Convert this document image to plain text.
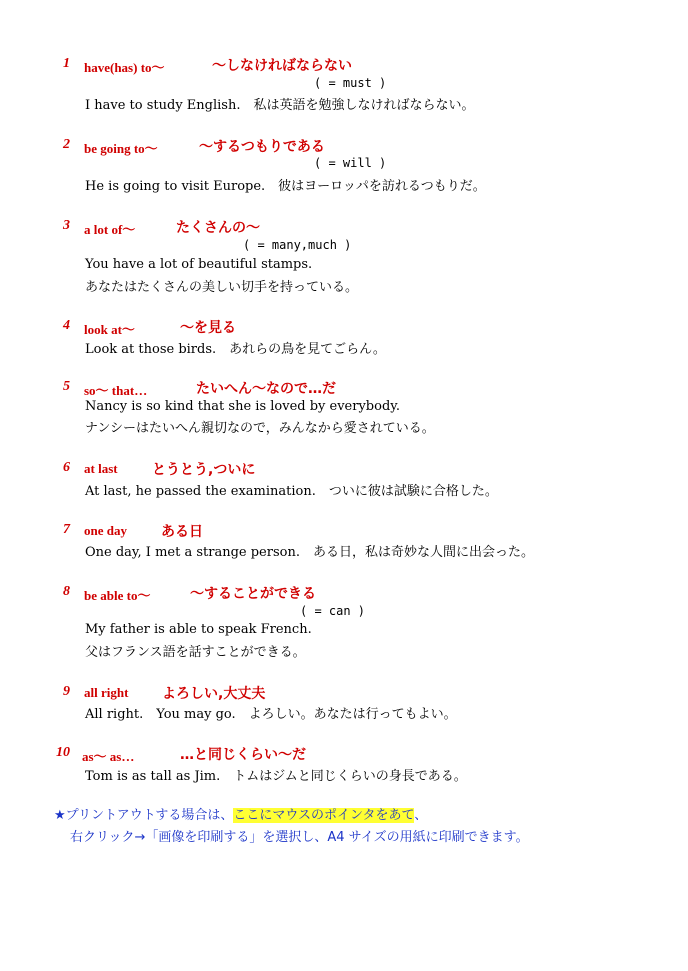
1 have(has) to～	～しなければならない
( = must )
I have to study English.　私は英語を勉強しなければならない。
2 be going to～	～するつもりである
( = will )
He is going to visit Europe.　彼はヨーロッパを訪れるつもりだ。
3 a lot of～	たくさんの～
( = many,much )
You have a lot of beautiful stamps.
あなたはたくさんの美しい切手を持っている。
4 look at～	～を見る
Look at those birds.　あれらの鳥を見てごらん。
5 so～ that…	たいへん～なので…だ
Nancy is so kind that she is loved by everybody.
ナンシーはたいへん親切なので，みんなから愛されている。
6 at last とうとう,ついに
At last, he passed the examination.　ついに彼は試験に合格した。
7 one day ある日
One day, I met a strange person.　ある日，私は奇妙な人間に出会った。
8 be able to～	～することができる
( = can )
My father is able to speak French.
父はフランス語を話すことができる。
9 all right よろしい,大丈夫
All right.　You may go.　よろしい。あなたは行ってもよい。
10 as～ as…	…と同じくらい～だ
Tom is as tall as Jim.　トムはジムと同じくらいの身長である。
★プリントアウトする場合は、ここにマウスのポインタをあて、
右クリック→「画像を印刷する」を選択し、A4 サイズの用紙に印刷できます。
